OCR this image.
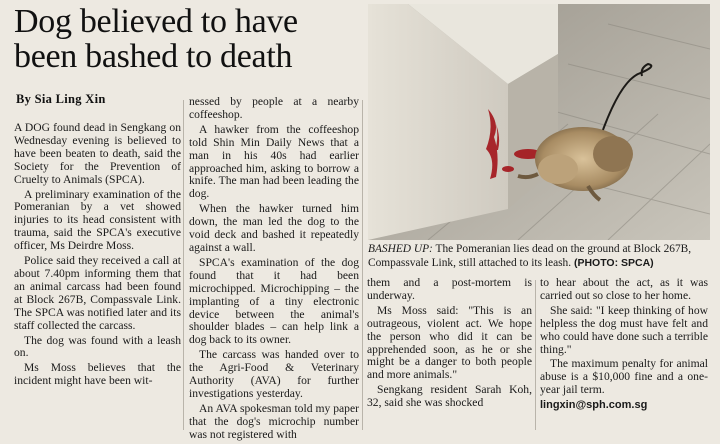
Dog believed to have been bashed to death
By Sia Ling Xin

A DOG found dead in Sengkang on Wednesday evening is believed to have been beaten to death, said the Society for the Prevention of Cruelty to Animals (SPCA).

A preliminary examination of the Pomeranian by a vet showed injuries to its head consistent with trauma, said the SPCA's executive officer, Ms Deirdre Moss.

Police said they received a call at about 7.40pm informing them that an animal carcass had been found at Block 267B, Compassvale Link. The SPCA was notified later and its staff collected the carcass.

The dog was found with a leash on.

Ms Moss believes that the incident might have been wit-

nessed by people at a nearby coffeeshop.

A hawker from the coffeeshop told Shin Min Daily News that a man in his 40s had earlier approached him, asking to borrow a knife. The man had been leading the dog.

When the hawker turned him down, the man led the dog to the void deck and bashed it repeatedly against a wall.

SPCA's examination of the dog found that it had been microchipped. Microchipping – the implanting of a tiny electronic device between the animal's shoulder blades – can help link a dog back to its owner.

The carcass was handed over to the Agri-Food & Veterinary Authority (AVA) for further investigations yesterday.

An AVA spokesman told my paper that the dog's microchip number was not registered with

BASHED UP: The Pomeranian lies dead on the ground at Block 267B, Compassvale Link, still attached to its leash. (PHOTO: SPCA)

them and a post-mortem is underway.

Ms Moss said: "This is an outrageous, violent act. We hope the person who did it can be apprehended soon, as he or she might be a danger to both people and more animals."

Sengkang resident Sarah Koh, 32, said she was shocked

to hear about the act, as it was carried out so close to her home.

She said: "I keep thinking of how helpless the dog must have felt and who could have done such a terrible thing."

The maximum penalty for animal abuse is a $10,000 fine and a one-year jail term.

lingxin@sph.com.sg
